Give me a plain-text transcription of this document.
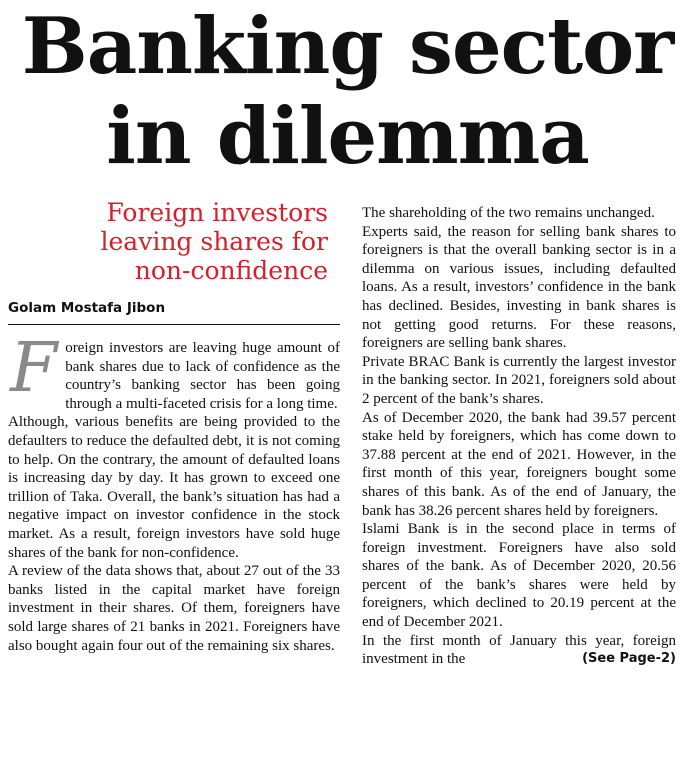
Banking sector
in dilemma
Foreign investors
leaving shares for
non-confidence
Golam Mostafa Jibon

Foreign investors are leaving huge amount of bank shares due to lack of confidence as the country’s banking sector has been going through a multi-faceted crisis for a long time.

Although, various benefits are being provided to the defaulters to reduce the defaulted debt, it is not coming to help. On the contrary, the amount of defaulted loans is increasing day by day. It has grown to exceed one trillion of Taka. Overall, the bank’s situation has had a negative impact on investor confidence in the stock market. As a result, foreign investors have sold huge shares of the bank for non-confidence.

A review of the data shows that, about 27 out of the 33 banks listed in the capital market have foreign investment in their shares. Of them, foreigners have sold large shares of 21 banks in 2021. Foreigners have also bought again four out of the remaining six shares.

The shareholding of the two remains unchanged.

Experts said, the reason for selling bank shares to foreigners is that the overall banking sector is in a dilemma on various issues, including defaulted loans. As a result, investors’ confidence in the bank has declined. Besides, investing in bank shares is not getting good returns. For these reasons, foreigners are selling bank shares.

Private BRAC Bank is currently the largest investor in the banking sector. In 2021, foreigners sold about 2 percent of the bank’s shares.

As of December 2020, the bank had 39.57 percent stake held by foreigners, which has come down to 37.88 percent at the end of 2021. However, in the first month of this year, foreigners bought some shares of this bank. As of the end of January, the bank has 38.26 percent shares held by foreigners.

Islami Bank is in the second place in terms of foreign investment. Foreigners have also sold shares of the bank. As of December 2020, 20.56 percent of the bank’s shares were held by foreigners, which declined to 20.19 percent at the end of December 2021.

In the first month of January this year, foreign investment in the	(See Page-2)
